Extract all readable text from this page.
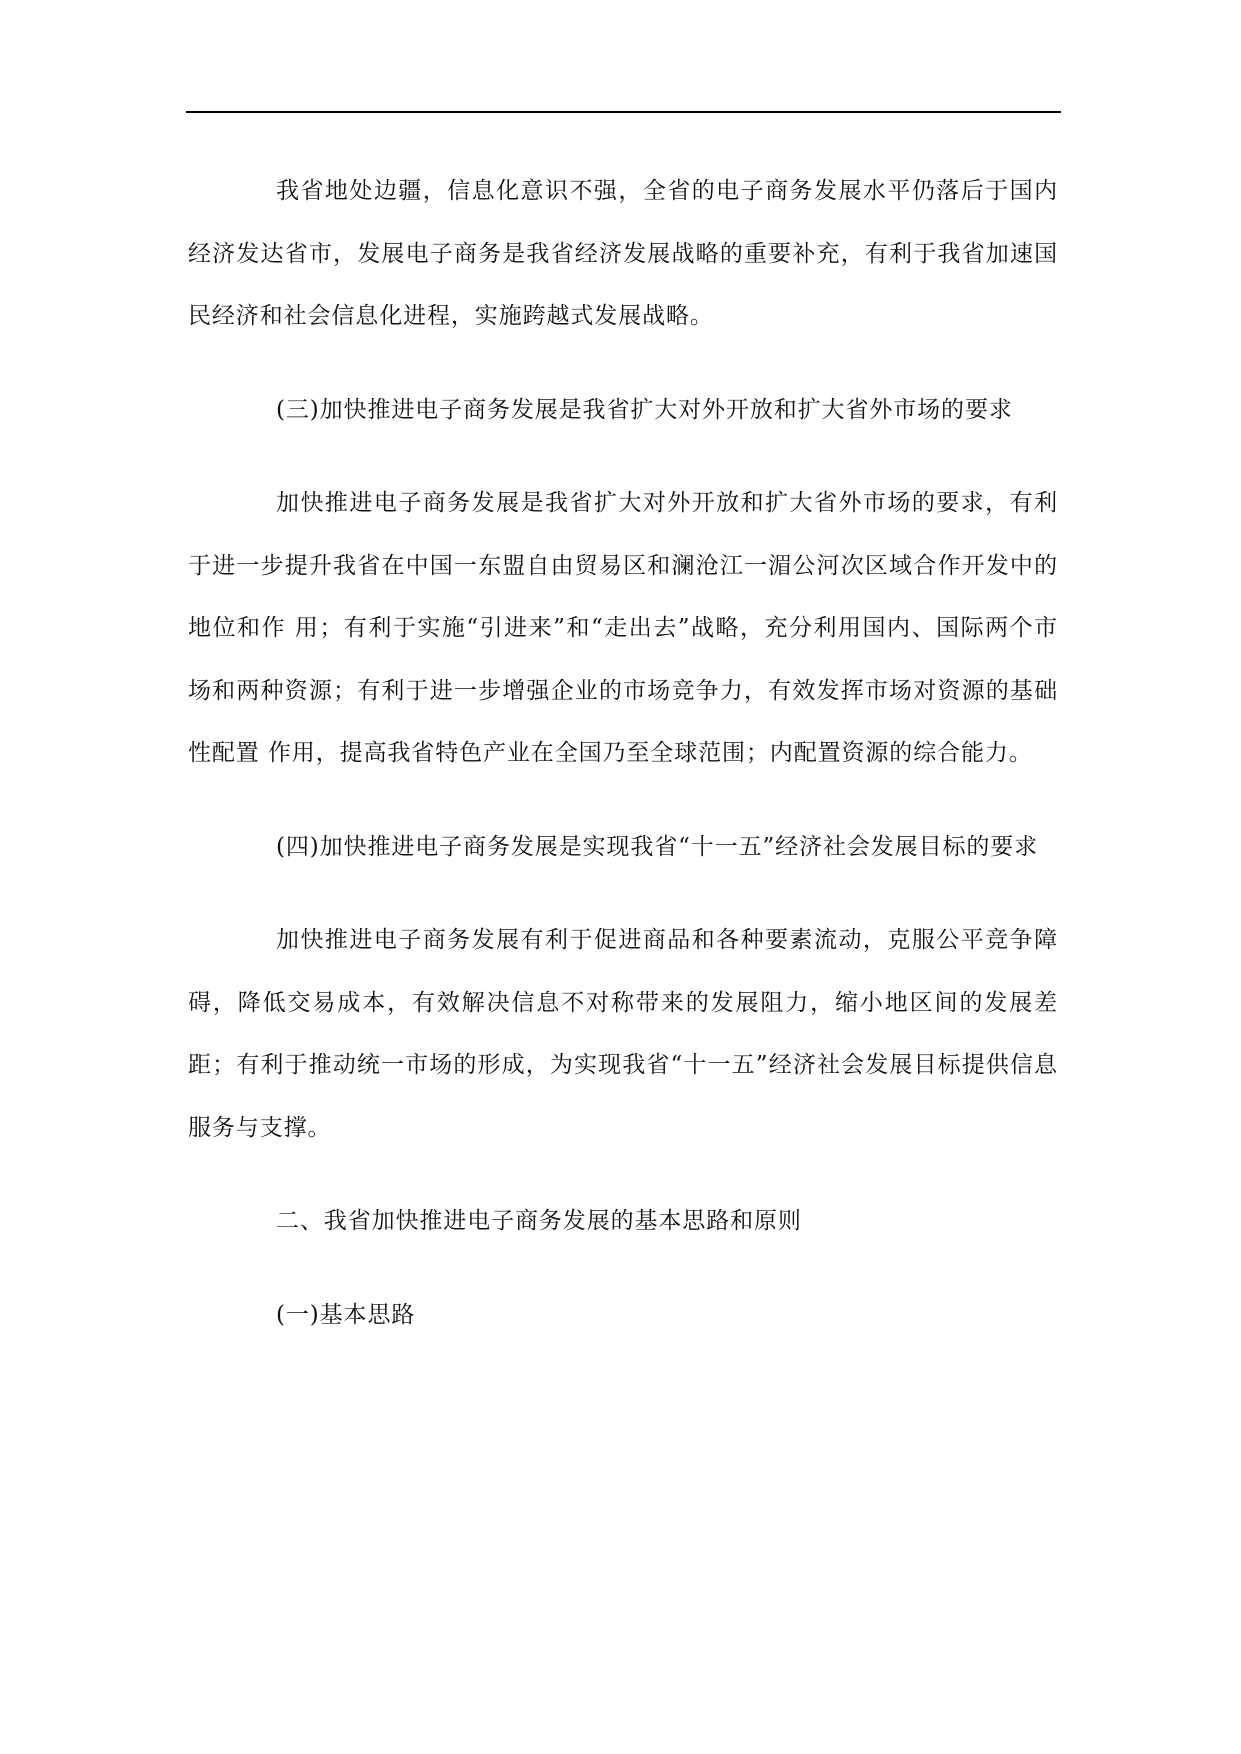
我省地处边疆，信息化意识不强，全省的电子商务发展水平仍落后于国内经济发达省市，发展电子商务是我省经济发展战略的重要补充，有利于我省加速国民经济和社会信息化进程，实施跨越式发展战略。

(三)加快推进电子商务发展是我省扩大对外开放和扩大省外市场的要求

加快推进电子商务发展是我省扩大对外开放和扩大省外市场的要求，有利于进一步提升我省在中国一东盟自由贸易区和澜沧江一湄公河次区域合作开发中的地位和作 用；有利于实施“引进来”和“走出去”战略，充分利用国内、国际两个市场和两种资源；有利于进一步增强企业的市场竞争力，有效发挥市场对资源的基础性配置 作用，提高我省特色产业在全国乃至全球范围；内配置资源的综合能力。

(四)加快推进电子商务发展是实现我省“十一五”经济社会发展目标的要求

加快推进电子商务发展有利于促进商品和各种要素流动，克服公平竞争障碍，降低交易成本，有效解决信息不对称带来的发展阻力，缩小地区间的发展差距；有利于推动统一市场的形成，为实现我省“十一五”经济社会发展目标提供信息服务与支撑。

二、我省加快推进电子商务发展的基本思路和原则

(一)基本思路
